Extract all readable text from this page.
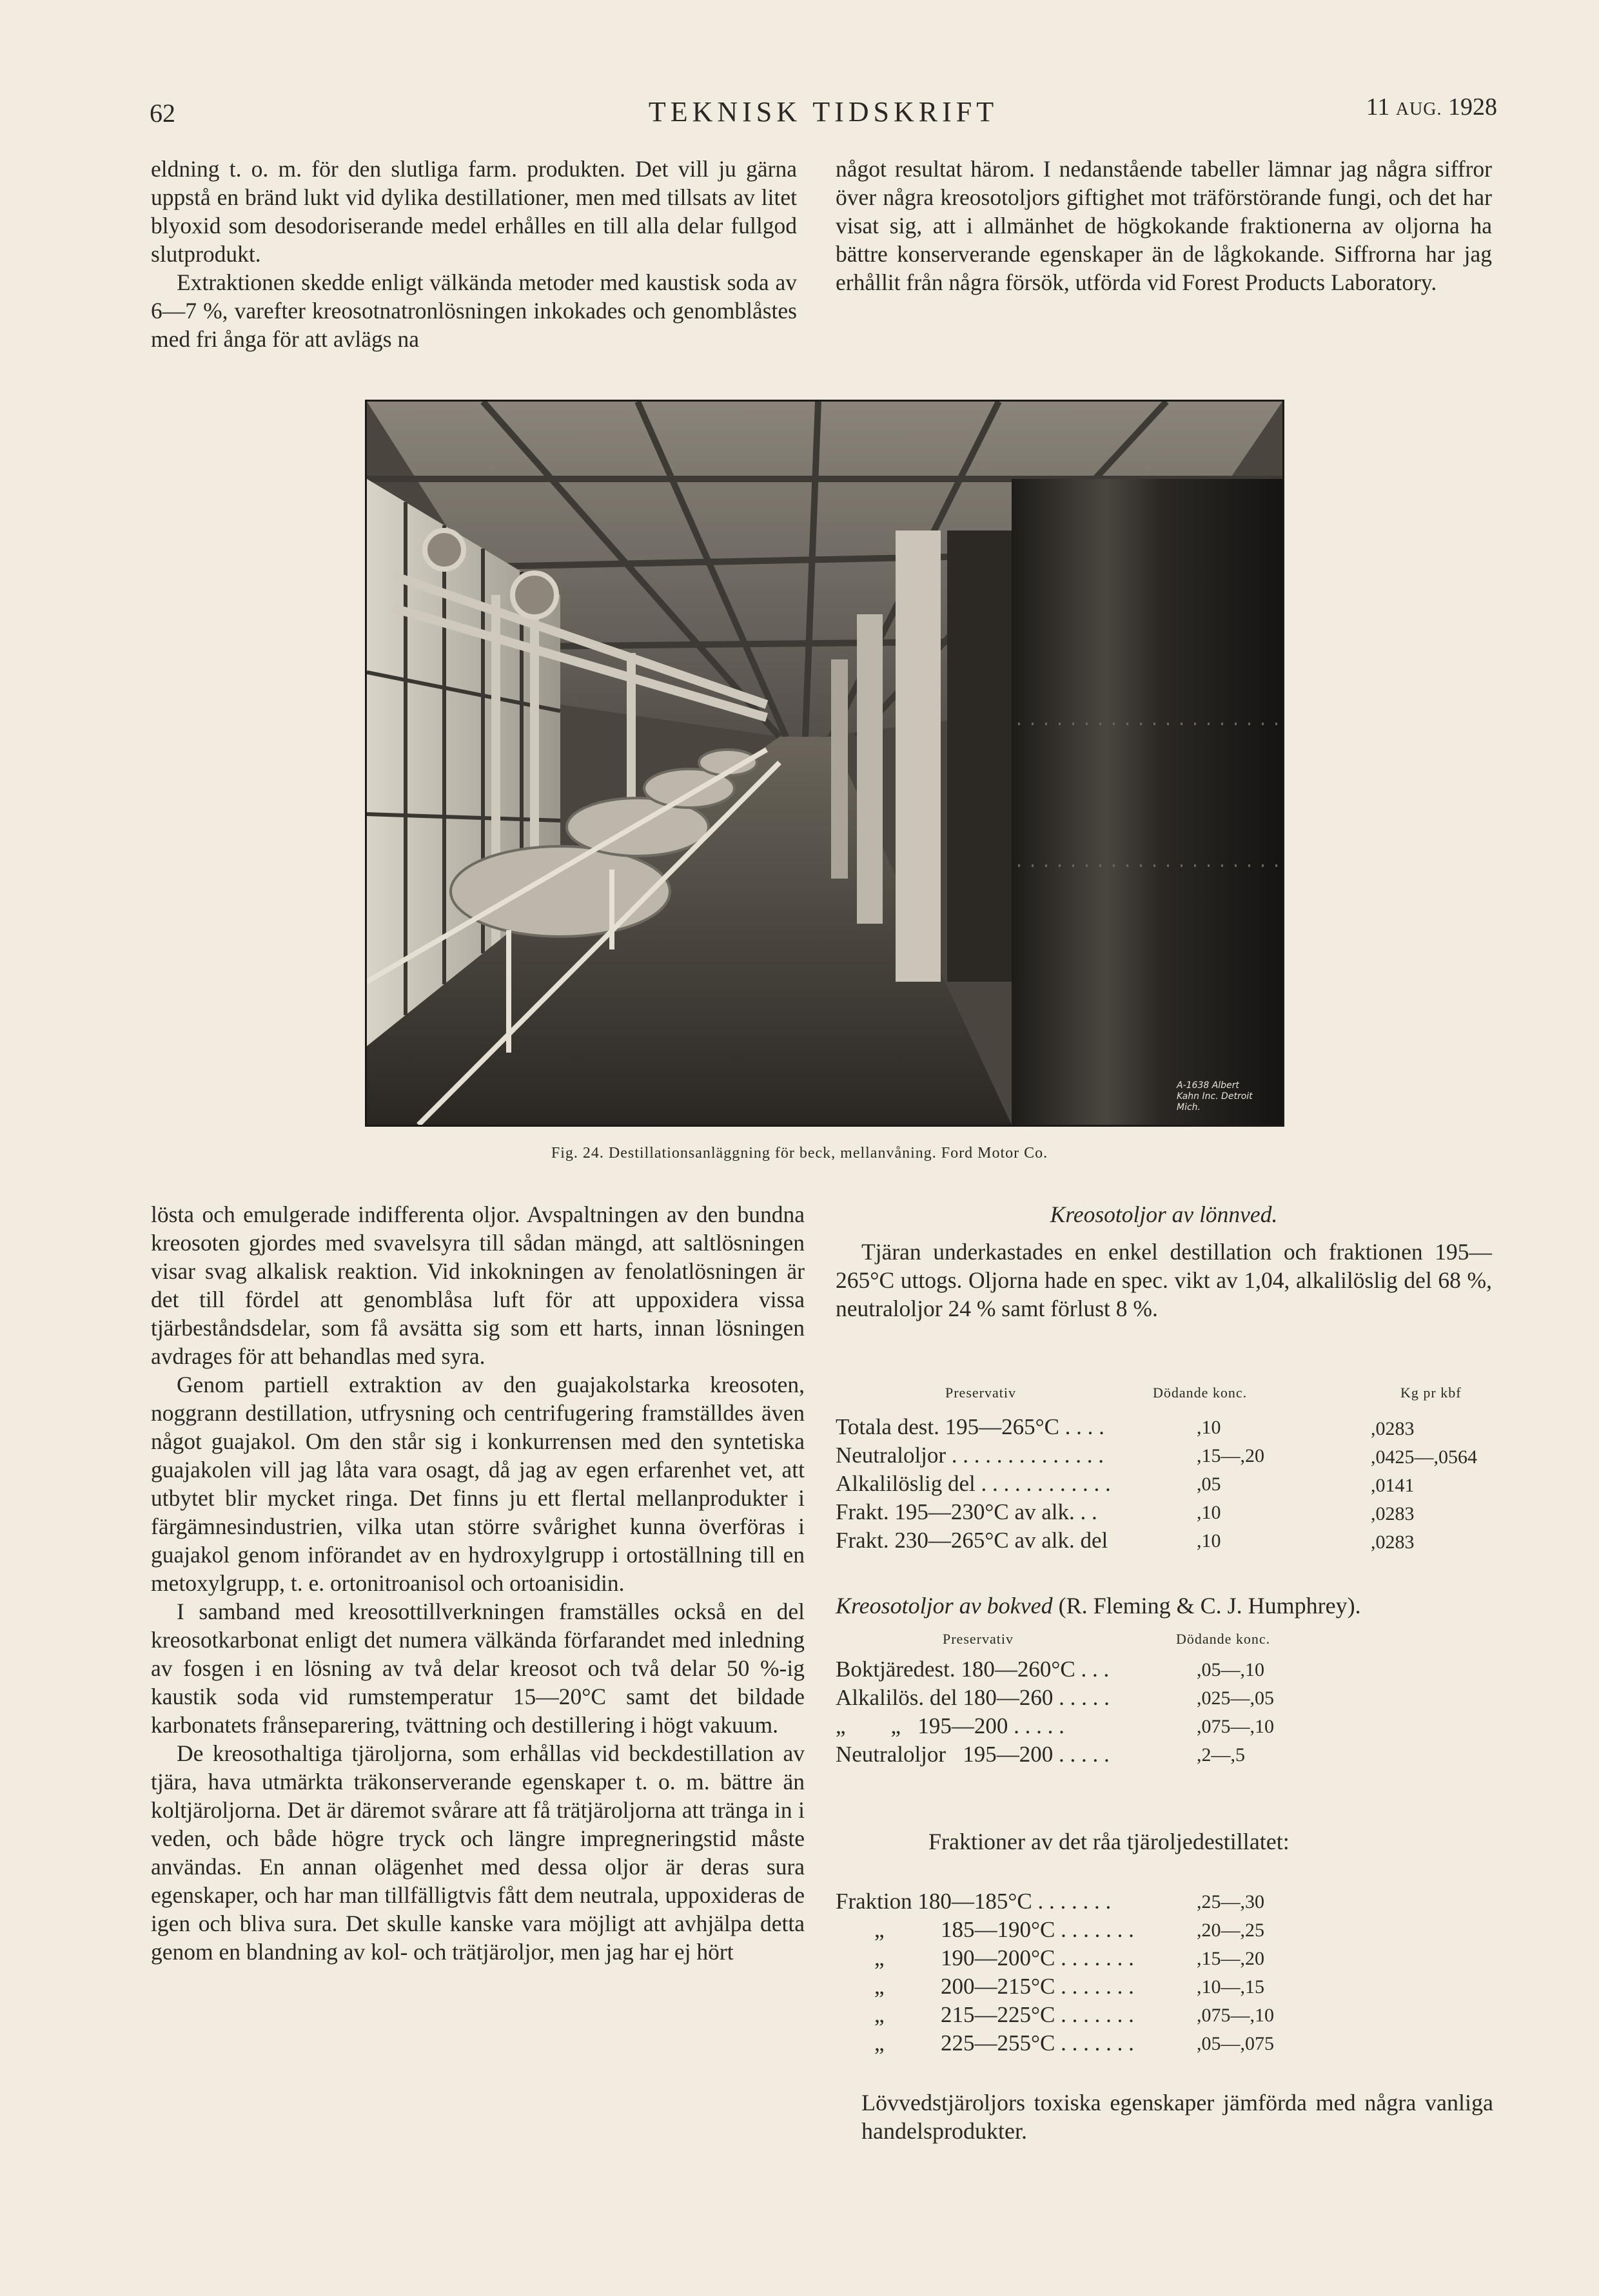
62	TEKNISK TIDSKRIFT	11 AUG. 1928

eldning t. o. m. för den slutliga farm. produkten. Det vill ju gärna uppstå en bränd lukt vid dylika destillationer, men med tillsats av litet blyoxid som desodoriserande medel erhålles en till alla delar fullgod slutprodukt.

Extraktionen skedde enligt välkända metoder med kaustisk soda av 6—7 %, varefter kreosotnatronlösningen inkokades och genomblåstes med fri ånga för att avlägs na

något resultat härom. I nedanstående tabeller lämnar jag några siffror över några kreosotoljors giftighet mot träförstörande fungi, och det har visat sig, att i allmänhet de högkokande fraktionerna av oljorna ha bättre konserverande egenskaper än de lågkokande. Siffrorna har jag erhållit från några försök, utförda vid Forest Products Laboratory.

A-1638 Albert Kahn Inc. Detroit Mich.
Fig. 24. Destillationsanläggning för beck, mellanvåning. Ford Motor Co.

lösta och emulgerade indifferenta oljor. Avspaltningen av den bundna kreosoten gjordes med svavelsyra till sådan mängd, att saltlösningen visar svag alkalisk reaktion. Vid inkokningen av fenolatlösningen är det till fördel att genomblåsa luft för att uppoxidera vissa tjärbeståndsdelar, som få avsätta sig som ett harts, innan lösningen avdrages för att behandlas med syra.

Genom partiell extraktion av den guajakolstarka kreosoten, noggrann destillation, utfrysning och centrifugering framställdes även något guajakol. Om den står sig i konkurrensen med den syntetiska guajakolen vill jag låta vara osagt, då jag av egen erfarenhet vet, att utbytet blir mycket ringa. Det finns ju ett flertal mellanprodukter i färgämnesindustrien, vilka utan större svårighet kunna överföras i guajakol genom införandet av en hydroxylgrupp i ortoställning till en metoxylgrupp, t. e. ortonitroanisol och ortoanisidin.

I samband med kreosottillverkningen framställes också en del kreosotkarbonat enligt det numera välkända förfarandet med inledning av fosgen i en lösning av två delar kreosot och två delar 50 %-ig kaustik soda vid rumstemperatur 15—20°C samt det bildade karbonatets frånseparering, tvättning och destillering i högt vakuum.

De kreosothaltiga tjäroljorna, som erhållas vid beckdestillation av tjära, hava utmärkta träkonserverande egenskaper t. o. m. bättre än koltjäroljorna. Det är däremot svårare att få trätjäroljorna att tränga in i veden, och både högre tryck och längre impregneringstid måste användas. En annan olägenhet med dessa oljor är deras sura egenskaper, och har man tillfälligtvis fått dem neutrala, uppoxideras de igen och bliva sura. Det skulle kanske vara möjligt att avhjälpa detta genom en blandning av kol- och trätjäroljor, men jag har ej hört

Kreosotoljor av lönnved.

Tjäran underkastades en enkel destillation och fraktionen 195—265°C uttogs. Oljorna hade en spec. vikt av 1,04, alkalilöslig del 68 %, neutraloljor 24 % samt förlust 8 %.

Preservativ	Dödande konc.	Kg pr kbf
Totala dest. 195—265°C . . . .	,10	,0283
Neutraloljor . . . . . . . . . . . . . .	,15—,20	,0425—,0564
Alkalilöslig del . . . . . . . . . . . .	,05	,0141
Frakt. 195—230°C av alk. . .	,10	,0283
Frakt. 230—265°C av alk. del	,10	,0283
Kreosotoljor av bokved (R. Fleming & C. J. Humphrey).
Preservativ	Dödande konc.
Boktjäredest. 180—260°C . . .	,05—,10
Alkalilös. del 180—260 . . . . .	,025—,05
„        „   195—200 . . . . .	,075—,10
Neutraloljor   195—200 . . . . .	,2—,5
Fraktioner av det råa tjäroljedestillatet:
Fraktion 180—185°C . . . . . . .	,25—,30
„          185—190°C . . . . . . .	,20—,25
„          190—200°C . . . . . . .	,15—,20
„          200—215°C . . . . . . .	,10—,15
„          215—225°C . . . . . . .	,075—,10
„          225—255°C . . . . . . .	,05—,075
Lövvedstjäroljors toxiska egenskaper jämförda med några vanliga handelsprodukter.
